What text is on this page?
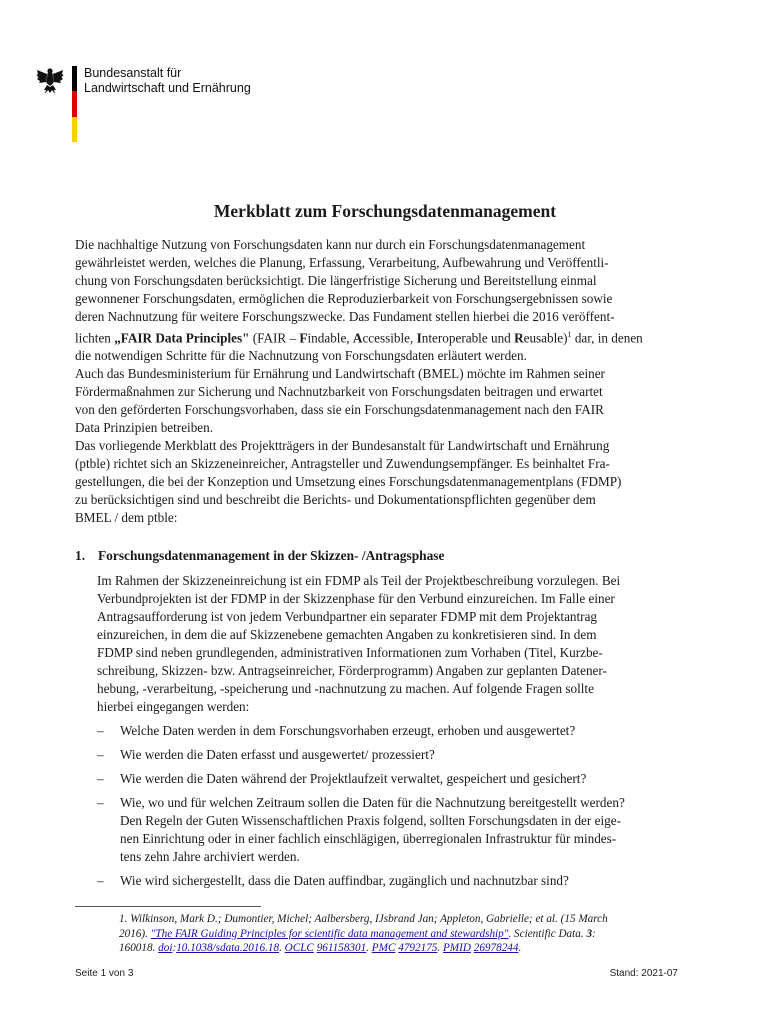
Bundesanstalt für
Landwirtschaft und Ernährung
Merkblatt zum Forschungsdatenmanagement
Die nachhaltige Nutzung von Forschungsdaten kann nur durch ein Forschungsdatenmanagement
gewährleistet werden, welches die Planung, Erfassung, Verarbeitung, Aufbewahrung und Veröffentli-
chung von Forschungsdaten berücksichtigt. Die längerfristige Sicherung und Bereitstellung einmal
gewonnener Forschungsdaten, ermöglichen die Reproduzierbarkeit von Forschungsergebnissen sowie
deren Nachnutzung für weitere Forschungszwecke. Das Fundament stellen hierbei die 2016 veröffent-
lichten „FAIR Data Principles" (FAIR – Findable, Accessible, Interoperable und Reusable)$^1$ dar, in denen
die notwendigen Schritte für die Nachnutzung von Forschungsdaten erläutert werden.
Auch das Bundesministerium für Ernährung und Landwirtschaft (BMEL) möchte im Rahmen seiner
Fördermaßnahmen zur Sicherung und Nachnutzbarkeit von Forschungsdaten beitragen und erwartet
von den geförderten Forschungsvorhaben, dass sie ein Forschungsdatenmanagement nach den FAIR
Data Prinzipien betreiben.
Das vorliegende Merkblatt des Projektträgers in der Bundesanstalt für Landwirtschaft und Ernährung
(ptble) richtet sich an Skizzeneinreicher, Antragsteller und Zuwendungsempfänger. Es beinhaltet Fra-
gestellungen, die bei der Konzeption und Umsetzung eines Forschungsdatenmanagementplans (FDMP)
zu berücksichtigen sind und beschreibt die Berichts- und Dokumentationspflichten gegenüber dem
BMEL / dem ptble:
1. Forschungsdatenmanagement in der Skizzen- /Antragsphase
Im Rahmen der Skizzeneinreichung ist ein FDMP als Teil der Projektbeschreibung vorzulegen. Bei
Verbundprojekten ist der FDMP in der Skizzenphase für den Verbund einzureichen. Im Falle einer
Antragsaufforderung ist von jedem Verbundpartner ein separater FDMP mit dem Projektantrag
einzureichen, in dem die auf Skizzenebene gemachten Angaben zu konkretisieren sind. In dem
FDMP sind neben grundlegenden, administrativen Informationen zum Vorhaben (Titel, Kurzbe-
schreibung, Skizzen- bzw. Antragseinreicher, Förderprogramm) Angaben zur geplanten Datener-
hebung, -verarbeitung, -speicherung und -nachnutzung zu machen. Auf folgende Fragen sollte
hierbei eingegangen werden:
–	Welche Daten werden in dem Forschungsvorhaben erzeugt, erhoben und ausgewertet?
–	Wie werden die Daten erfasst und ausgewertet/ prozessiert?
–	Wie werden die Daten während der Projektlaufzeit verwaltet, gespeichert und gesichert?
–	Wie, wo und für welchen Zeitraum sollen die Daten für die Nachnutzung bereitgestellt werden?
Den Regeln der Guten Wissenschaftlichen Praxis folgend, sollten Forschungsdaten in der eige-
nen Einrichtung oder in einer fachlich einschlägigen, überregionalen Infrastruktur für mindes-
tens zehn Jahre archiviert werden.
–	Wie wird sichergestellt, dass die Daten auffindbar, zugänglich und nachnutzbar sind?
1. Wilkinson, Mark D.; Dumontier, Michel; Aalbersberg, IJsbrand Jan; Appleton, Gabrielle; et al. (15 March
2016). "The FAIR Guiding Principles for scientific data management and stewardship". Scientific Data. 3:
160018. doi:10.1038/sdata.2016.18. OCLC 961158301. PMC 4792175. PMID 26978244.
Seite 1 von 3	Stand: 2021-07
